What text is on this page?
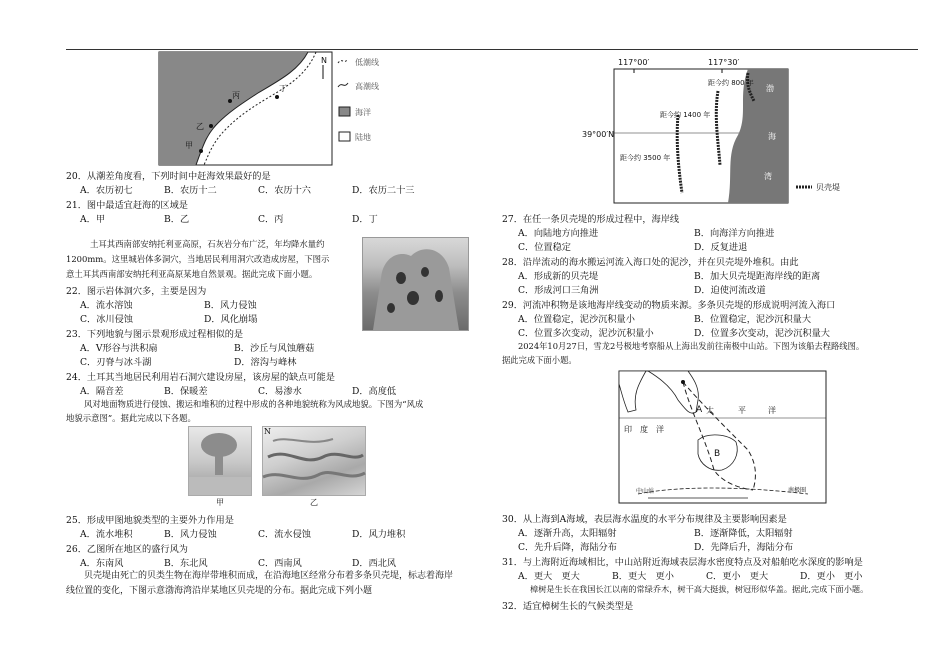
丙
丁
乙
甲
N	低潮线
高潮线
海洋
陆地
20．从潮差角度看，下列时间中赶海效果最好的是
A．农历初七	B．农历十二	C．农历十六	D．农历二十三
21．图中最适宜赶海的区域是
A．甲	B．乙	C．丙	D．丁
土耳其西南部安纳托利亚高原，石灰岩分布广泛，年均降水量约
1200mm。这里城岩体多洞穴，当地居民利用洞穴改造成房屋，下图示
意土耳其西南部安纳托利亚高原某地自然景观。据此完成下面小题。
22．图示岩体洞穴多，主要是因为
A．流水溶蚀	B．风力侵蚀
C．冰川侵蚀	D．风化崩塌
23．下列地貌与图示景观形成过程相似的是
A．V形谷与洪积扇	B．沙丘与风蚀蘑菇
C．刃脊与冰斗湖	D．溶沟与峰林
24．土耳其当地居民利用岩石洞穴建设房屋，该房屋的缺点可能是
A．隔音差	B．保暖差	C．易渗水	D．高度低
风对地面物质进行侵蚀、搬运和堆积的过程中形成的各种地貌统称为风成地貌。下图为“风成
地貌示意图”。据此完成以下各题。
N
甲	乙
25．形成甲图地貌类型的主要外力作用是
A．流水堆积	B．风力侵蚀	C．流水侵蚀	D．风力堆积
26．乙图所在地区的盛行风为
A．东南风	B．东北风	C．西南风	D．西北风
贝壳堤由死亡的贝类生物在海岸带堆积而成，在沿海地区经常分布着多条贝壳堤，标志着海岸
线位置的变化，下图示意渤海湾沿岸某地区贝壳堤的分布。据此完成下列小题
117°00′	117°30′
39°00′N
距今约 800 年
距今约 1400 年
距今约 3500 年
渤
海
湾
贝壳堤
27．在任一条贝壳堤的形成过程中，海岸线
A．向陆地方向推进	B．向海洋方向推进
C．位置稳定	D．反复进退
28．沿岸流动的海水搬运河流入海口处的泥沙，并在贝壳堤外堆积。由此
A．形成新的贝壳堤	B．加大贝壳堤距海岸线的距离
C．形成河口三角洲	D．迫使河流改道
29．河流冲积物是该地海岸线变动的物质来源。多条贝壳堤的形成说明河流入海口
A．位置稳定，泥沙沉积量小	B．位置稳定，泥沙沉积量大
C．位置多次变动，泥沙沉积量小	D．位置多次变动，泥沙沉积量大
2024年10月27日，雪龙2号极地考察船从上海出发前往南极中山站。下图为该船去程路线图。
据此完成下面小题。
A
B
太	平	洋
印 度 洋
中山站	南极圈
30．从上海到A海域，表层海水温度的水平分布规律及主要影响因素是
A．逐渐升高，太阳辐射	B．逐渐降低，太阳辐射
C．先升后降，海陆分布	D．先降后升，海陆分布
31．与上海附近海域相比，中山站附近海域表层海水密度特点及对船舶吃水深度的影响是
A．更大　更大	B．更大　更小	C．更小　更大	D．更小　更小
樟树是生长在我国长江以南的常绿乔木，树干高大挺拔，树冠形似华盖。据此,完成下面小题。
32．适宜樟树生长的气候类型是
